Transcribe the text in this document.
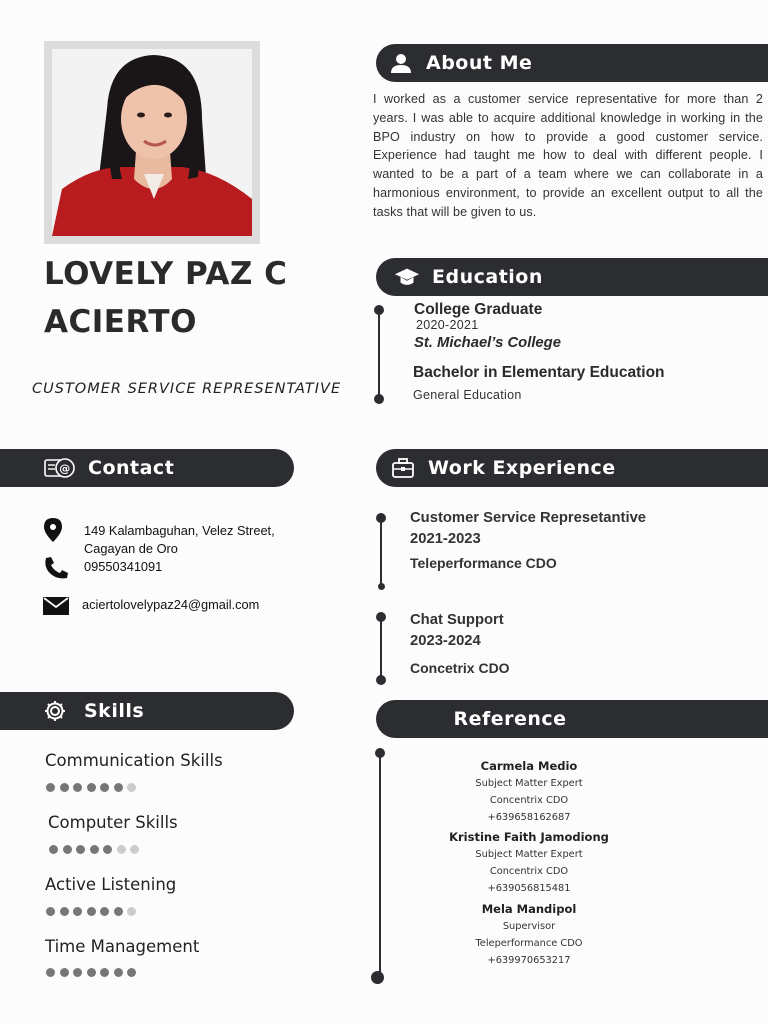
LOVELY PAZ C
ACIERTO
CUSTOMER SERVICE REPRESENTATIVE
About Me
I worked as a customer service representative for more than 2 years. I was able to acquire additional knowledge in working in the BPO industry on how to provide a good customer service. Experience had taught me how to deal with different people. I wanted to be a part of a team where we can collaborate in a harmonious environment, to provide an excellent output to all the tasks that will be given to us.
Education
College Graduate
2020-2021
St. Michael’s College
Bachelor in Elementary Education
General Education
@ Contact
149 Kalambaguhan, Velez Street,
Cagayan de Oro
09550341091
aciertolovelypaz24@gmail.com
Work Experience
Customer Service Represetantive
2021-2023
Teleperformance CDO
Chat Support
2023-2024
Concetrix CDO
Skills
Communication Skills
Computer Skills
Active Listening
Time Management
Reference
Carmela Medio
Subject Matter Expert
Concentrix CDO
+639658162687
Kristine Faith Jamodiong
Subject Matter Expert
Concentrix CDO
+639056815481
Mela Mandipol
Supervisor
Teleperformance CDO
+639970653217
